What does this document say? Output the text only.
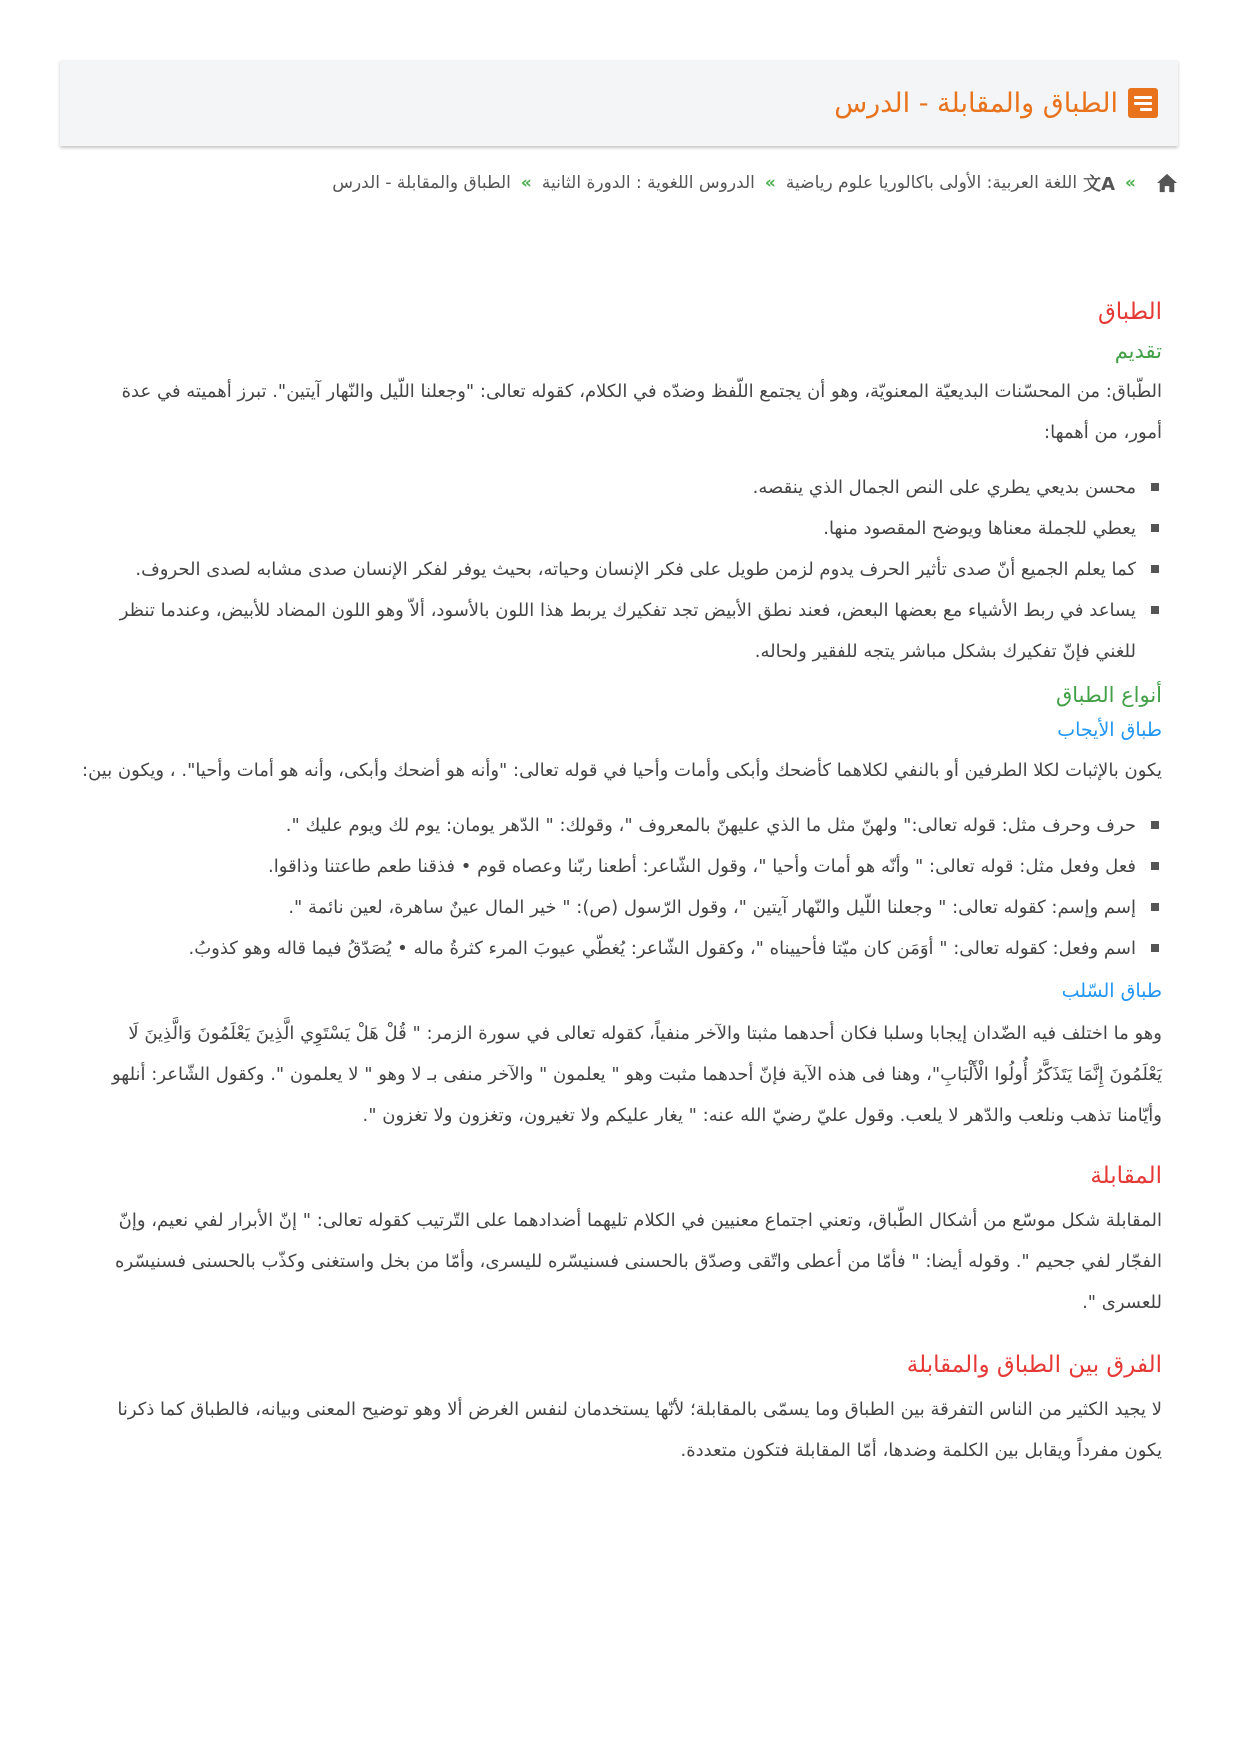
الطباق والمقابلة - الدرس
»
文A
اللغة العربية: الأولى باكالوريا علوم رياضية
»
الدروس اللغوية : الدورة الثانية
»
الطباق والمقابلة - الدرس
الطباق
تقديم

الطّباق: من المحسّنات البديعيّة المعنويّة، وهو أن يجتمع اللّفظ وضدّه في الكلام، كقوله تعالى: "وجعلنا اللّيل والنّهار آيتين". تبرز أهميته في عدة أمور، من أهمها:

محسن بديعي يطري على النص الجمال الذي ينقصه.
يعطي للجملة معناها ويوضح المقصود منها.
كما يعلم الجميع أنّ صدى تأثير الحرف يدوم لزمن طويل على فكر الإنسان وحياته، بحيث يوفر لفكر الإنسان صدى مشابه لصدى الحروف.
يساعد في ربط الأشياء مع بعضها البعض، فعند نطق الأبيض تجد تفكيرك يربط هذا اللون بالأسود، ألاّ وهو اللون المضاد للأبيض، وعندما تنظر للغني فإنّ تفكيرك بشكل مباشر يتجه للفقير ولحاله.
أنواع الطباق
طباق الأيجاب

يكون بالإثبات لكلا الطرفين أو بالنفي لكلاهما كأضحك وأبكى وأمات وأحيا في قوله تعالى: "وأنه هو أضحك وأبكى، وأنه هو أمات وأحيا". ، ويكون بين:

حرف وحرف مثل: قوله تعالى:" ولهنّ مثل ما الذي عليهنّ بالمعروف "، وقولك: " الدّهر يومان: يوم لك ويوم عليك ".
فعل وفعل مثل: قوله تعالى: " وأنّه هو أمات وأحيا "، وقول الشّاعر: أطعنا ربّنا وعصاه قوم • فذقنا طعم طاعتنا وذاقوا.
إسم وإسم: كقوله تعالى: " وجعلنا اللّيل والنّهار آيتين "، وقول الرّسول (ص): " خير المال عينٌ ساهرة، لعين نائمة ".
اسم وفعل: كقوله تعالى: " أوَمَن كان ميّتا فأحييناه "، وكقول الشّاعر: يُغطّي عيوبَ المرء كثرةُ ماله • يُصَدّقُ فيما قاله وهو كذوبُ.
طباق السّلب

وهو ما اختلف فيه الضّدان إيجابا وسلبا فكان أحدهما مثبتا والآخر منفياً، كقوله تعالى في سورة الزمر: " قُلْ هَلْ يَسْتَوِي الَّذِينَ يَعْلَمُونَ وَالَّذِينَ لَا يَعْلَمُونَ إِنَّمَا يَتَذَكَّرُ أُولُوا الْأَلْبَابِ"، وهنا فى هذه الآية فإنّ أحدهما مثبت وهو " يعلمون " والآخر منفى بـ لا وهو " لا يعلمون ". وكقول الشّاعر: أنلهو وأيّامنا تذهب ونلعب والدّهر لا يلعب. وقول عليّ رضيّ الله عنه: " يغار عليكم ولا تغيرون، وتغزون ولا تغزون ".

المقابلة

المقابلة شكل موسّع من أشكال الطّباق، وتعني اجتماع معنيين في الكلام تليهما أضدادهما على التّرتيب كقوله تعالى: " إنّ الأبرار لفي نعيم، وإنّ الفجّار لفي جحيم ". وقوله أيضا: " فأمّا من أعطى واتّقى وصدّق بالحسنى فسنيسّره لليسرى، وأمّا من بخل واستغنى وكذّب بالحسنى فسنيسّره للعسرى ".

الفرق بين الطباق والمقابلة

لا يجيد الكثير من الناس التفرقة بين الطباق وما يسمّى بالمقابلة؛ لأنّها يستخدمان لنفس الغرض ألا وهو توضيح المعنى وبيانه، فالطباق كما ذكرنا يكون مفرداً ويقابل بين الكلمة وضدها، أمّا المقابلة فتكون متعددة.
